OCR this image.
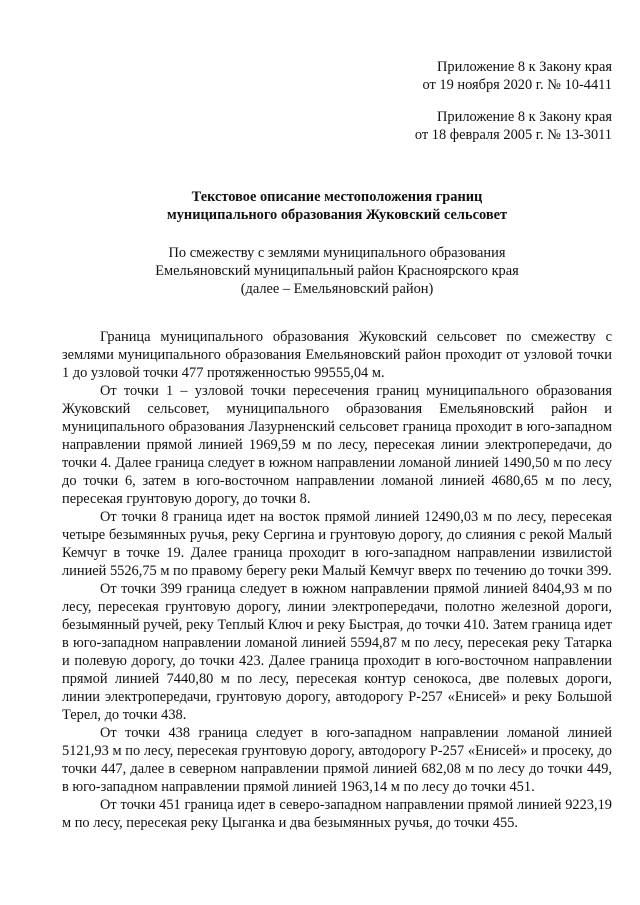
Приложение 8 к Закону края
от 19 ноября 2020 г. № 10-4411
Приложение 8 к Закону края
от 18 февраля 2005 г. № 13-3011
Текстовое описание местоположения границ
муниципального образования Жуковский сельсовет
По смежеству с землями муниципального образования
Емельяновский муниципальный район Красноярского края
(далее – Емельяновский район)

Граница муниципального образования Жуковский сельсовет по смежеству с землями муниципального образования Емельяновский район проходит от узловой точки 1 до узловой точки 477 протяженностью 99555,04 м.

От точки 1 – узловой точки пересечения границ муниципального образования Жуковский сельсовет, муниципального образования Емельяновский район и муниципального образования Лазурненский сельсовет граница проходит в юго-западном направлении прямой линией 1969,59 м по лесу, пересекая линии электропередачи, до точки 4. Далее граница следует в южном направлении ломаной линией 1490,50 м по лесу до точки 6, затем в юго-восточном направлении ломаной линией 4680,65 м по лесу, пересекая грунтовую дорогу, до точки 8.

От точки 8 граница идет на восток прямой линией 12490,03 м по лесу, пересекая четыре безымянных ручья, реку Сергина и грунтовую дорогу, до слияния с рекой Малый Кемчуг в точке 19. Далее граница проходит в юго-западном направлении извилистой линией 5526,75 м по правому берегу реки Малый Кемчуг вверх по течению до точки 399.

От точки 399 граница следует в южном направлении прямой линией 8404,93 м по лесу, пересекая грунтовую дорогу, линии электропередачи, полотно железной дороги, безымянный ручей, реку Теплый Ключ и реку Быстрая, до точки 410. Затем граница идет в юго-западном направлении ломаной линией 5594,87 м по лесу, пересекая реку Татарка и полевую дорогу, до точки 423. Далее граница проходит в юго-восточном направлении прямой линией 7440,80 м по лесу, пересекая контур сенокоса, две полевых дороги, линии электропередачи, грунтовую дорогу, автодорогу Р-257 «Енисей» и реку Большой Терел, до точки 438.

От точки 438 граница следует в юго-западном направлении ломаной линией 5121,93 м по лесу, пересекая грунтовую дорогу, автодорогу Р-257 «Енисей» и просеку, до точки 447, далее в северном направлении прямой линией 682,08 м по лесу до точки 449, в юго-западном направлении прямой линией 1963,14 м по лесу до точки 451.

От точки 451 граница идет в северо-западном направлении прямой линией 9223,19 м по лесу, пересекая реку Цыганка и два безымянных ручья, до точки 455.
